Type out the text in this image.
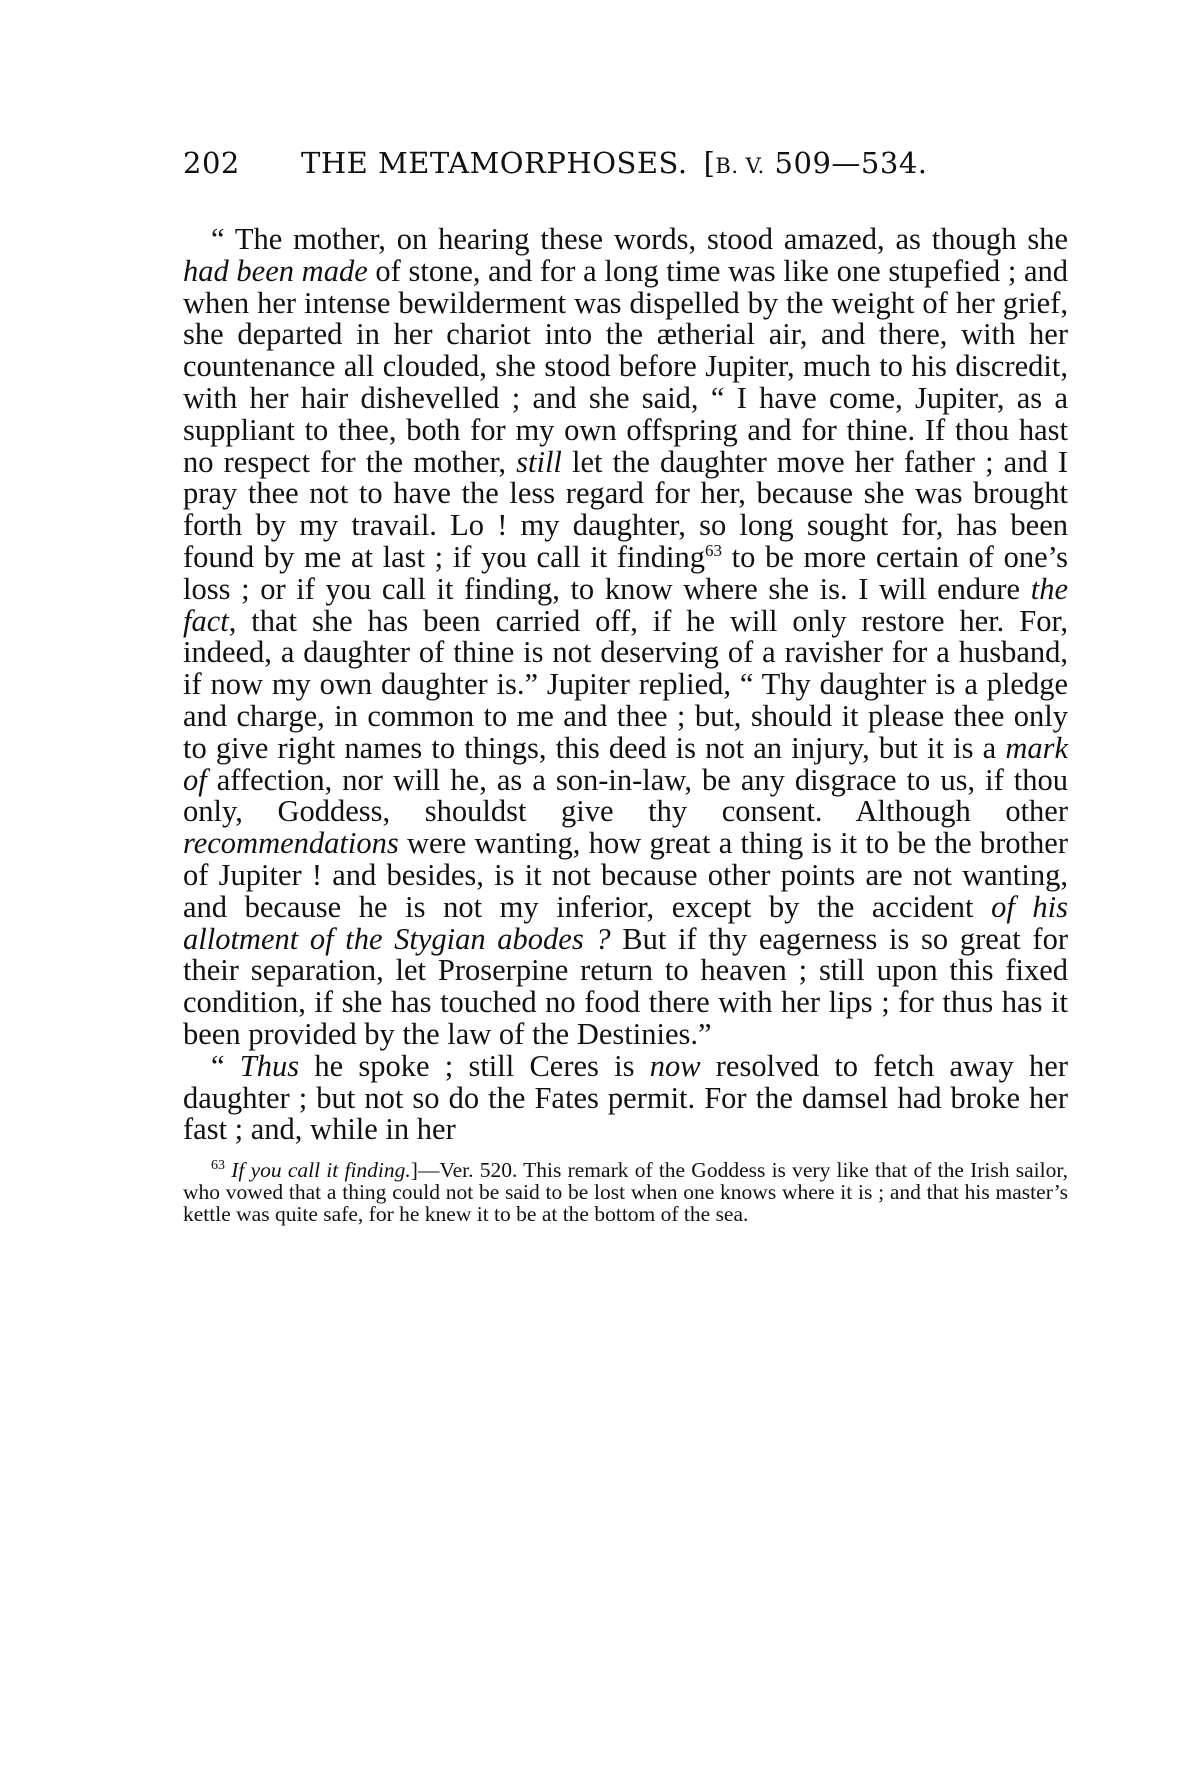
202	THE METAMORPHOSES. [B. V. 509—534.

“ The mother, on hearing these words, stood amazed, as though she had been made of stone, and for a long time was like one stupefied ; and when her intense bewilderment was dispelled by the weight of her grief, she departed in her chariot into the ætherial air, and there, with her countenance all clouded, she stood before Jupiter, much to his discredit, with her hair dishevelled ; and she said, “ I have come, Jupiter, as a suppliant to thee, both for my own offspring and for thine. If thou hast no respect for the mother, still let the daughter move her father ; and I pray thee not to have the less regard for her, because she was brought forth by my travail. Lo ! my daughter, so long sought for, has been found by me at last ; if you call it finding$^{63}$ to be more certain of one’s loss ; or if you call it finding, to know where she is. I will endure the fact, that she has been carried off, if he will only restore her. For, indeed, a daughter of thine is not deserving of a ravisher for a husband, if now my own daughter is.” Jupiter replied, “ Thy daughter is a pledge and charge, in common to me and thee ; but, should it please thee only to give right names to things, this deed is not an injury, but it is a mark of affection, nor will he, as a son-in-law, be any disgrace to us, if thou only, Goddess, shouldst give thy consent. Although other recommendations were wanting, how great a thing is it to be the brother of Jupiter ! and besides, is it not because other points are not wanting, and because he is not my inferior, except by the accident of his allotment of the Stygian abodes ? But if thy eagerness is so great for their separation, let Proserpine return to heaven ; still upon this fixed condition, if she has touched no food there with her lips ; for thus has it been provided by the law of the Destinies.”

“ Thus he spoke ; still Ceres is now resolved to fetch away her daughter ; but not so do the Fates permit. For the damsel had broke her fast ; and, while in her

$^{63}$ If you call it finding.]—Ver. 520. This remark of the Goddess is very like that of the Irish sailor, who vowed that a thing could not be said to be lost when one knows where it is ; and that his master’s kettle was quite safe, for he knew it to be at the bottom of the sea.
